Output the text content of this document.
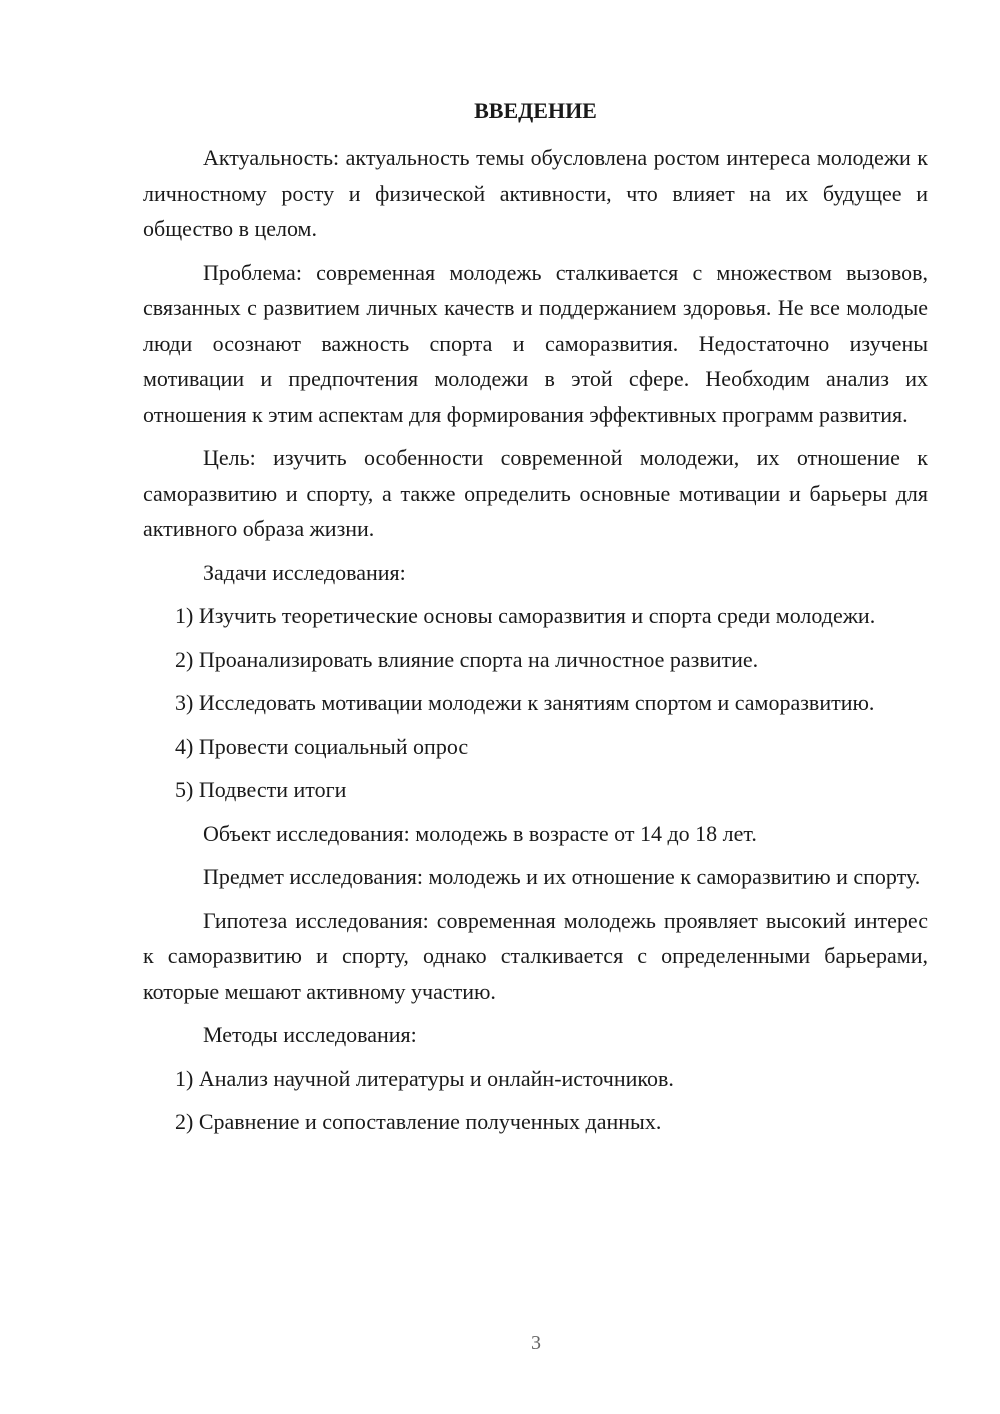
ВВЕДЕНИЕ
Актуальность: актуальность темы обусловлена ростом интереса молодежи к личностному росту и физической активности, что влияет на их будущее и общество в целом.
Проблема: современная молодежь сталкивается с множеством вызовов, связанных с развитием личных качеств и поддержанием здоровья. Не все молодые люди осознают важность спорта и саморазвития. Недостаточно изучены мотивации и предпочтения молодежи в этой сфере. Необходим анализ их отношения к этим аспектам для формирования эффективных программ развития.
Цель: изучить особенности современной молодежи, их отношение к саморазвитию и спорту, а также определить основные мотивации и барьеры для активного образа жизни.
Задачи исследования:
1) Изучить теоретические основы саморазвития и спорта среди молодежи.
2) Проанализировать влияние спорта на личностное развитие.
3) Исследовать мотивации молодежи к занятиям спортом и саморазвитию.
4) Провести социальный опрос
5) Подвести итоги
Объект исследования: молодежь в возрасте от 14 до 18 лет.
Предмет исследования: молодежь и их отношение к саморазвитию и спорту.
Гипотеза исследования: современная молодежь проявляет высокий интерес к саморазвитию и спорту, однако сталкивается с определенными барьерами, которые мешают активному участию.
Методы исследования:
1) Анализ научной литературы и онлайн-источников.
2) Сравнение и сопоставление полученных данных.
3
